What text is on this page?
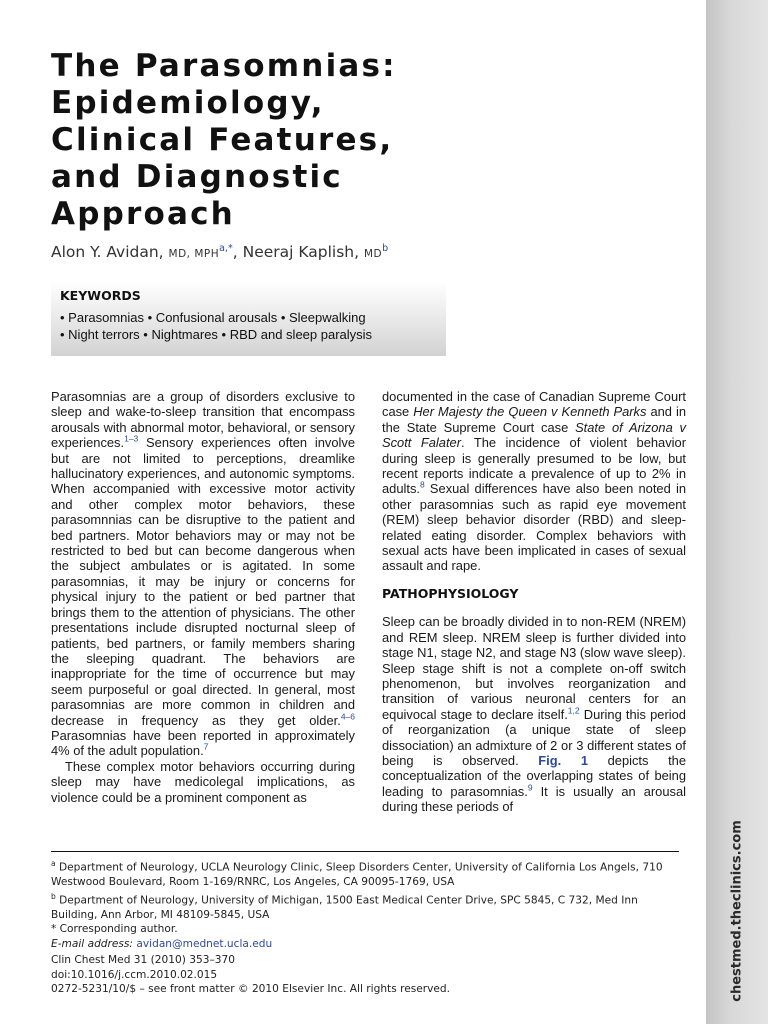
chestmed.theclinics.com
The Parasomnias:
Epidemiology,
Clinical Features,
and Diagnostic
Approach
Alon Y. Avidan, MD, $MPH^{a,*}$, Neeraj Kaplish, $MD^b$
KEYWORDS
• Parasomnias • Confusional arousals • Sleepwalking
• Night terrors • Nightmares • RBD and sleep paralysis

Parasomnias are a group of disorders exclusive to sleep and wake-to-sleep transition that encompass arousals with abnormal motor, behavioral, or sensory experiences.$^{1-3}$ Sensory experiences often involve but are not limited to perceptions, dreamlike hallucinatory experiences, and autonomic symptoms. When accompanied with excessive motor activity and other complex motor behaviors, these parasomnnias can be disruptive to the patient and bed partners. Motor behaviors may or may not be restricted to bed but can become dangerous when the subject ambulates or is agitated. In some parasomnias, it may be injury or concerns for physical injury to the patient or bed partner that brings them to the attention of physicians. The other presentations include disrupted nocturnal sleep of patients, bed partners, or family members sharing the sleeping quadrant. The behaviors are inappropriate for the time of occurrence but may seem purposeful or goal directed. In general, most parasomnias are more common in children and decrease in frequency as they get older.$^{4-6}$ Parasomnias have been reported in approximately 4% of the adult population.$^7$

These complex motor behaviors occurring during sleep may have medicolegal implications, as violence could be a prominent component as

documented in the case of Canadian Supreme Court case Her Majesty the Queen v Kenneth Parks and in the State Supreme Court case State of Arizona v Scott Falater. The incidence of violent behavior during sleep is generally presumed to be low, but recent reports indicate a prevalence of up to 2% in adults.$^8$ Sexual differences have also been noted in other parasomnias such as rapid eye movement (REM) sleep behavior disorder (RBD) and sleep-related eating disorder. Complex behaviors with sexual acts have been implicated in cases of sexual assault and rape.

PATHOPHYSIOLOGY

Sleep can be broadly divided in to non-REM (NREM) and REM sleep. NREM sleep is further divided into stage N1, stage N2, and stage N3 (slow wave sleep). Sleep stage shift is not a complete on-off switch phenomenon, but involves reorganization and transition of various neuronal centers for an equivocal stage to declare itself.$^{1,2}$ During this period of reorganization (a unique state of sleep dissociation) an admixture of 2 or 3 different states of being is observed. Fig. 1 depicts the conceptualization of the overlapping states of being leading to parasomnias.$^9$ It is usually an arousal during these periods of

$^a$ Department of Neurology, UCLA Neurology Clinic, Sleep Disorders Center, University of California Los Angels, 710 Westwood Boulevard, Room 1-169/RNRC, Los Angeles, CA 90095-1769, USA

$^b$ Department of Neurology, University of Michigan, 1500 East Medical Center Drive, SPC 5845, C 732, Med Inn Building, Ann Arbor, MI 48109-5845, USA

* Corresponding author.

E-mail address: avidan@mednet.ucla.edu

Clin Chest Med 31 (2010) 353–370
doi:10.1016/j.ccm.2010.02.015
0272-5231/10/$ – see front matter © 2010 Elsevier Inc. All rights reserved.
